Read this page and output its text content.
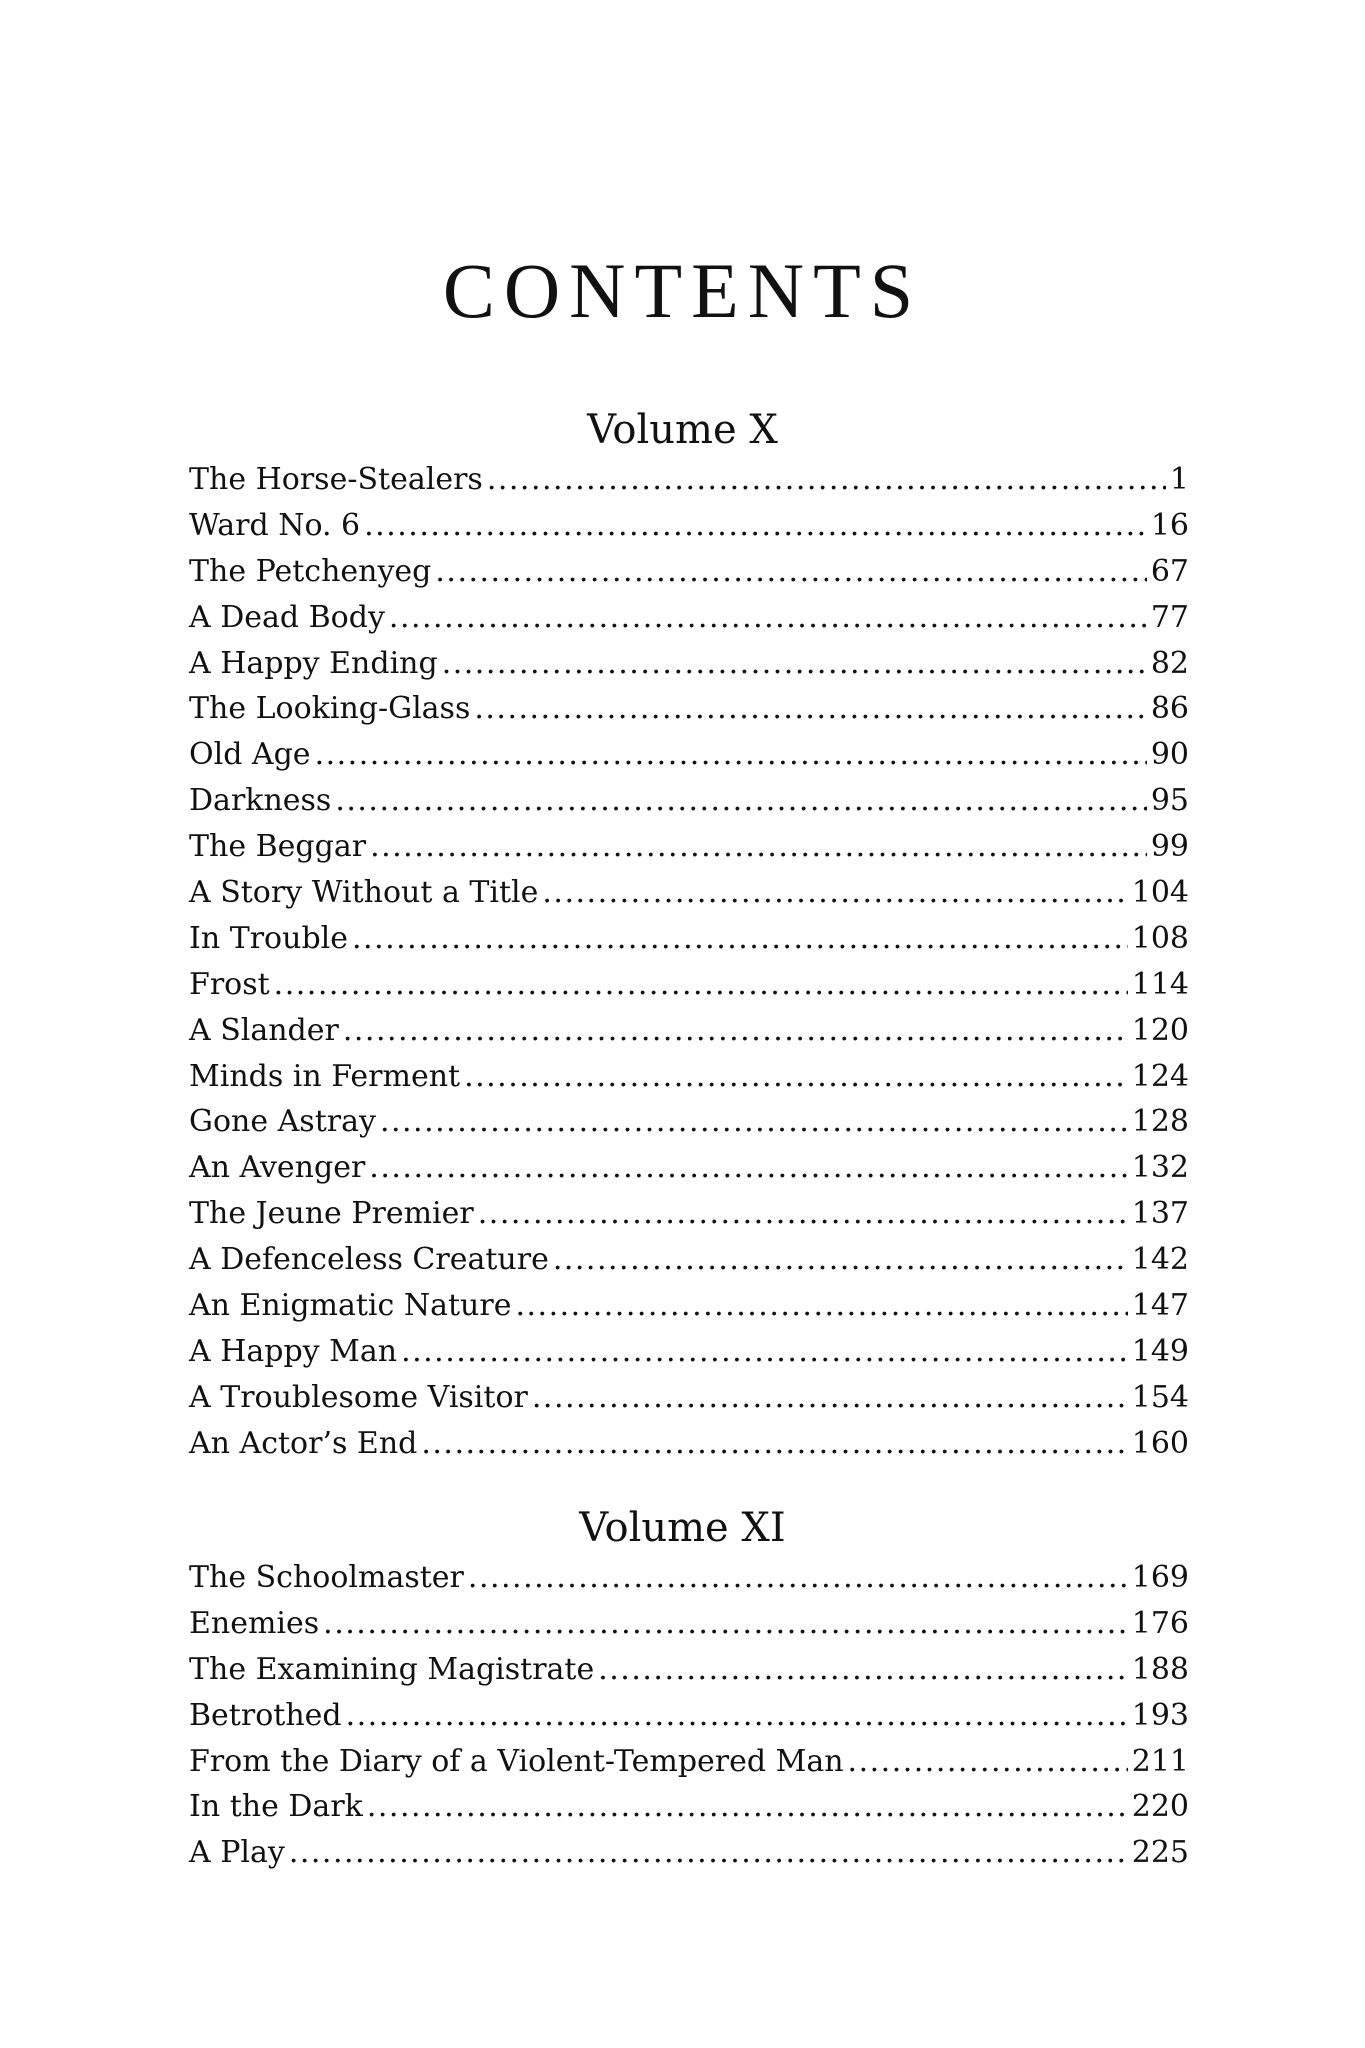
CONTENTS
Volume X
The Horse-Stealers .....	1
Ward No. 6 .....	16
The Petchenyeg .....	67
A Dead Body .....	77
A Happy Ending .....	82
The Looking-Glass .....	86
Old Age .....	90
Darkness .....	95
The Beggar .....	99
A Story Without a Title .....	104
In Trouble .....	108
Frost .....	114
A Slander .....	120
Minds in Ferment .....	124
Gone Astray .....	128
An Avenger .....	132
The Jeune Premier .....	137
A Defenceless Creature .....	142
An Enigmatic Nature .....	147
A Happy Man .....	149
A Troublesome Visitor .....	154
An Actor’s End .....	160
Volume XI
The Schoolmaster .....	169
Enemies .....	176
The Examining Magistrate .....	188
Betrothed .....	193
From the Diary of a Violent-Tempered Man .....	211
In the Dark .....	220
A Play .....	225
